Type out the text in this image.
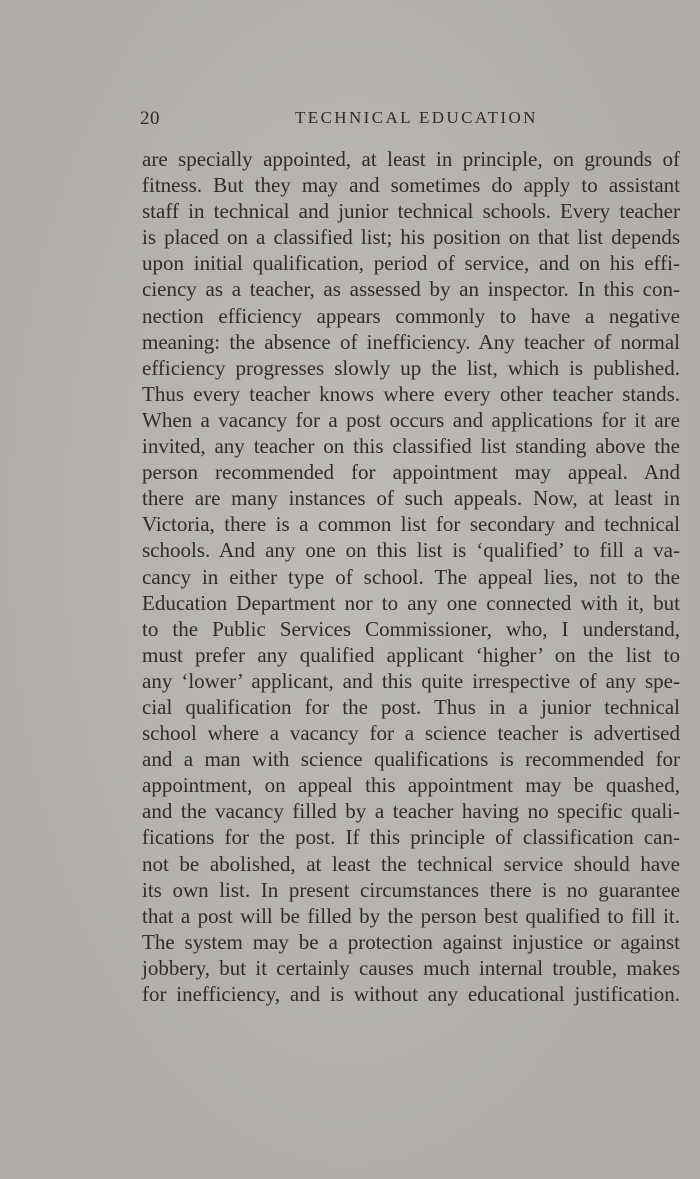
20	TECHNICAL EDUCATION
are specially appointed, at least in principle, on grounds of
fitness. But they may and sometimes do apply to assistant
staff in technical and junior technical schools. Every teacher
is placed on a classified list; his position on that list depends
upon initial qualification, period of service, and on his effi-
ciency as a teacher, as assessed by an inspector. In this con-
nection efficiency appears commonly to have a negative
meaning: the absence of inefficiency. Any teacher of normal
efficiency progresses slowly up the list, which is published.
Thus every teacher knows where every other teacher stands.
When a vacancy for a post occurs and applications for it are
invited, any teacher on this classified list standing above the
person recommended for appointment may appeal. And
there are many instances of such appeals. Now, at least in
Victoria, there is a common list for secondary and technical
schools. And any one on this list is ‘qualified’ to fill a va-
cancy in either type of school. The appeal lies, not to the
Education Department nor to any one connected with it, but
to the Public Services Commissioner, who, I understand,
must prefer any qualified applicant ‘higher’ on the list to
any ‘lower’ applicant, and this quite irrespective of any spe-
cial qualification for the post. Thus in a junior technical
school where a vacancy for a science teacher is advertised
and a man with science qualifications is recommended for
appointment, on appeal this appointment may be quashed,
and the vacancy filled by a teacher having no specific quali-
fications for the post. If this principle of classification can-
not be abolished, at least the technical service should have
its own list. In present circumstances there is no guarantee
that a post will be filled by the person best qualified to fill it.
The system may be a protection against injustice or against
jobbery, but it certainly causes much internal trouble, makes
for inefficiency, and is without any educational justification.
